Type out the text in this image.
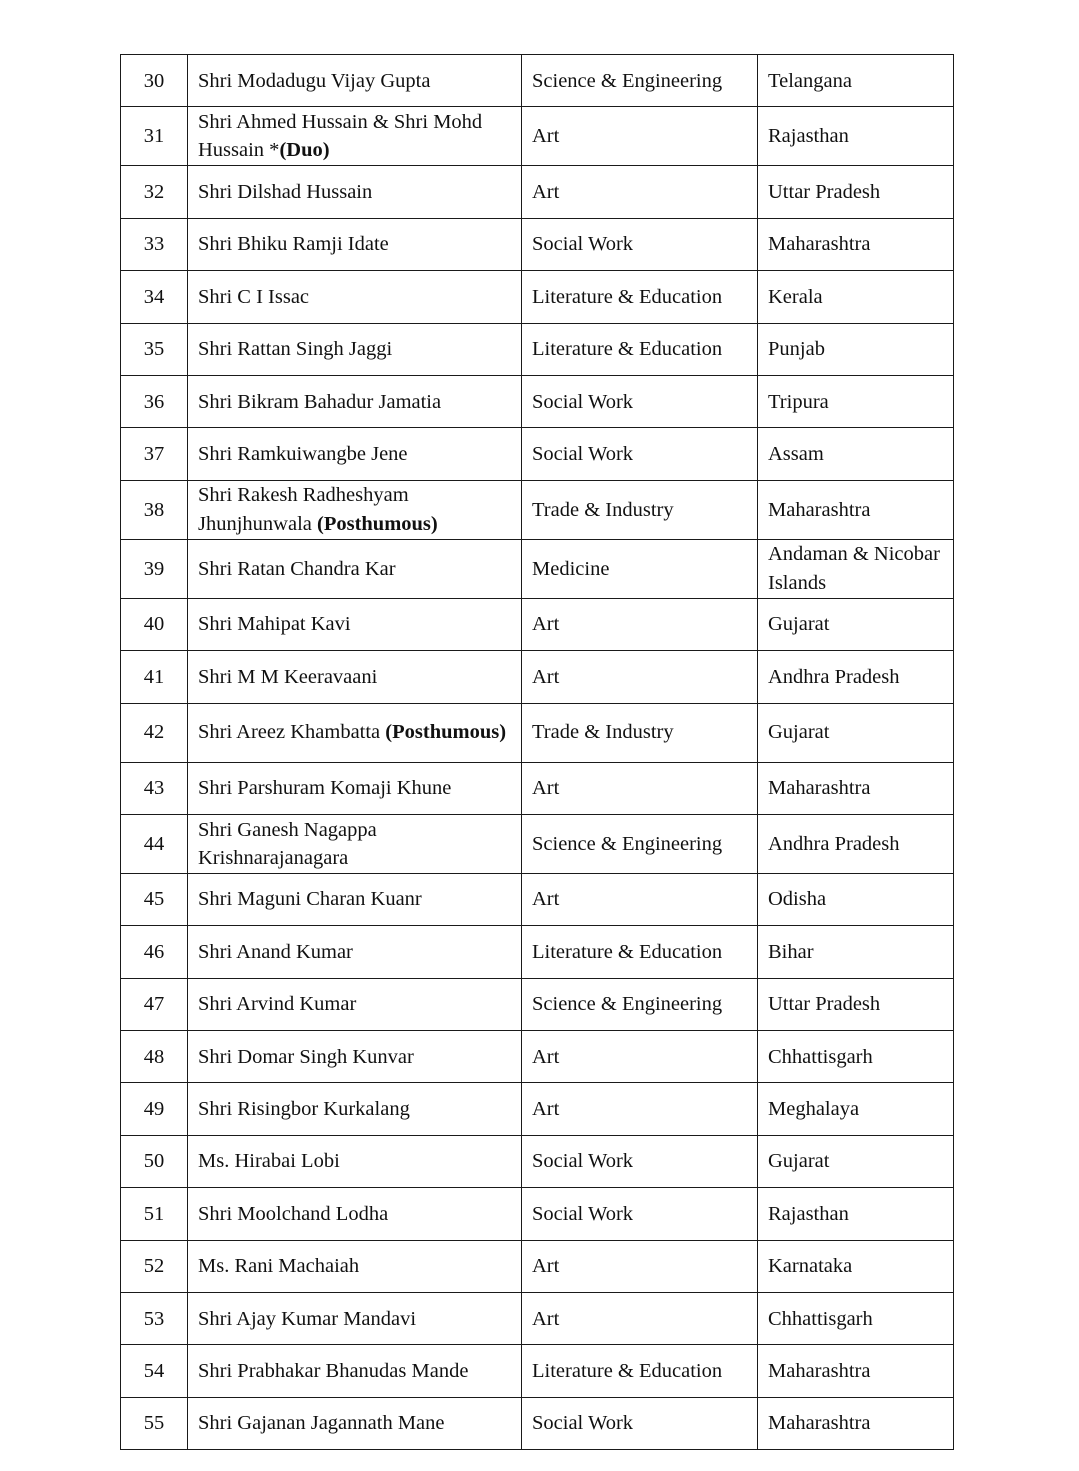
30	Shri Modadugu Vijay Gupta	Science & Engineering	Telangana
31	Shri Ahmed Hussain & Shri Mohd Hussain *(Duo)	Art	Rajasthan
32	Shri Dilshad Hussain	Art	Uttar Pradesh
33	Shri Bhiku Ramji Idate	Social Work	Maharashtra
34	Shri C I Issac	Literature & Education	Kerala
35	Shri Rattan Singh Jaggi	Literature & Education	Punjab
36	Shri Bikram Bahadur Jamatia	Social Work	Tripura
37	Shri Ramkuiwangbe Jene	Social Work	Assam
38	Shri Rakesh Radheshyam Jhunjhunwala (Posthumous)	Trade & Industry	Maharashtra
39	Shri Ratan Chandra Kar	Medicine	Andaman & Nicobar Islands
40	Shri Mahipat Kavi	Art	Gujarat
41	Shri M M Keeravaani	Art	Andhra Pradesh
42	Shri Areez Khambatta (Posthumous)	Trade & Industry	Gujarat
43	Shri Parshuram Komaji Khune	Art	Maharashtra
44	Shri Ganesh Nagappa Krishnarajanagara	Science & Engineering	Andhra Pradesh
45	Shri Maguni Charan Kuanr	Art	Odisha
46	Shri Anand Kumar	Literature & Education	Bihar
47	Shri Arvind Kumar	Science & Engineering	Uttar Pradesh
48	Shri Domar Singh Kunvar	Art	Chhattisgarh
49	Shri Risingbor Kurkalang	Art	Meghalaya
50	Ms. Hirabai Lobi	Social Work	Gujarat
51	Shri Moolchand Lodha	Social Work	Rajasthan
52	Ms. Rani Machaiah	Art	Karnataka
53	Shri Ajay Kumar Mandavi	Art	Chhattisgarh
54	Shri Prabhakar Bhanudas Mande	Literature & Education	Maharashtra
55	Shri Gajanan Jagannath Mane	Social Work	Maharashtra
